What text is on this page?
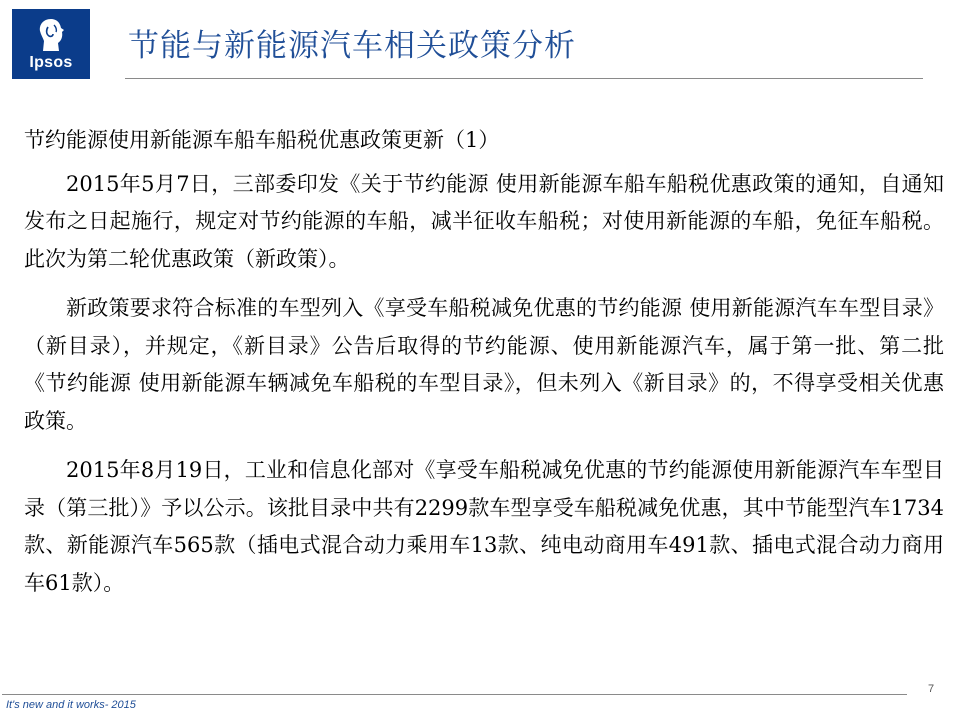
Ipsos	节能与新能源汽车相关政策分析

节约能源使用新能源车船车船税优惠政策更新（1）

2015年5月7日，三部委印发《关于节约能源 使用新能源车船车船税优惠政策的通知，自通知发布之日起施行，规定对节约能源的车船，减半征收车船税；对使用新能源的车船，免征车船税。此次为第二轮优惠政策（新政策）。

新政策要求符合标准的车型列入《享受车船税减免优惠的节约能源 使用新能源汽车车型目录》（新目录），并规定，《新目录》公告后取得的节约能源、使用新能源汽车，属于第一批、第二批《节约能源 使用新能源车辆减免车船税的车型目录》，但未列入《新目录》的，不得享受相关优惠政策。

2015年8月19日，工业和信息化部对《享受车船税减免优惠的节约能源使用新能源汽车车型目录（第三批）》予以公示。该批目录中共有2299款车型享受车船税减免优惠，其中节能型汽车1734款、新能源汽车565款（插电式混合动力乘用车13款、纯电动商用车491款、插电式混合动力商用车61款）。

It's new and it works- 2015
7
